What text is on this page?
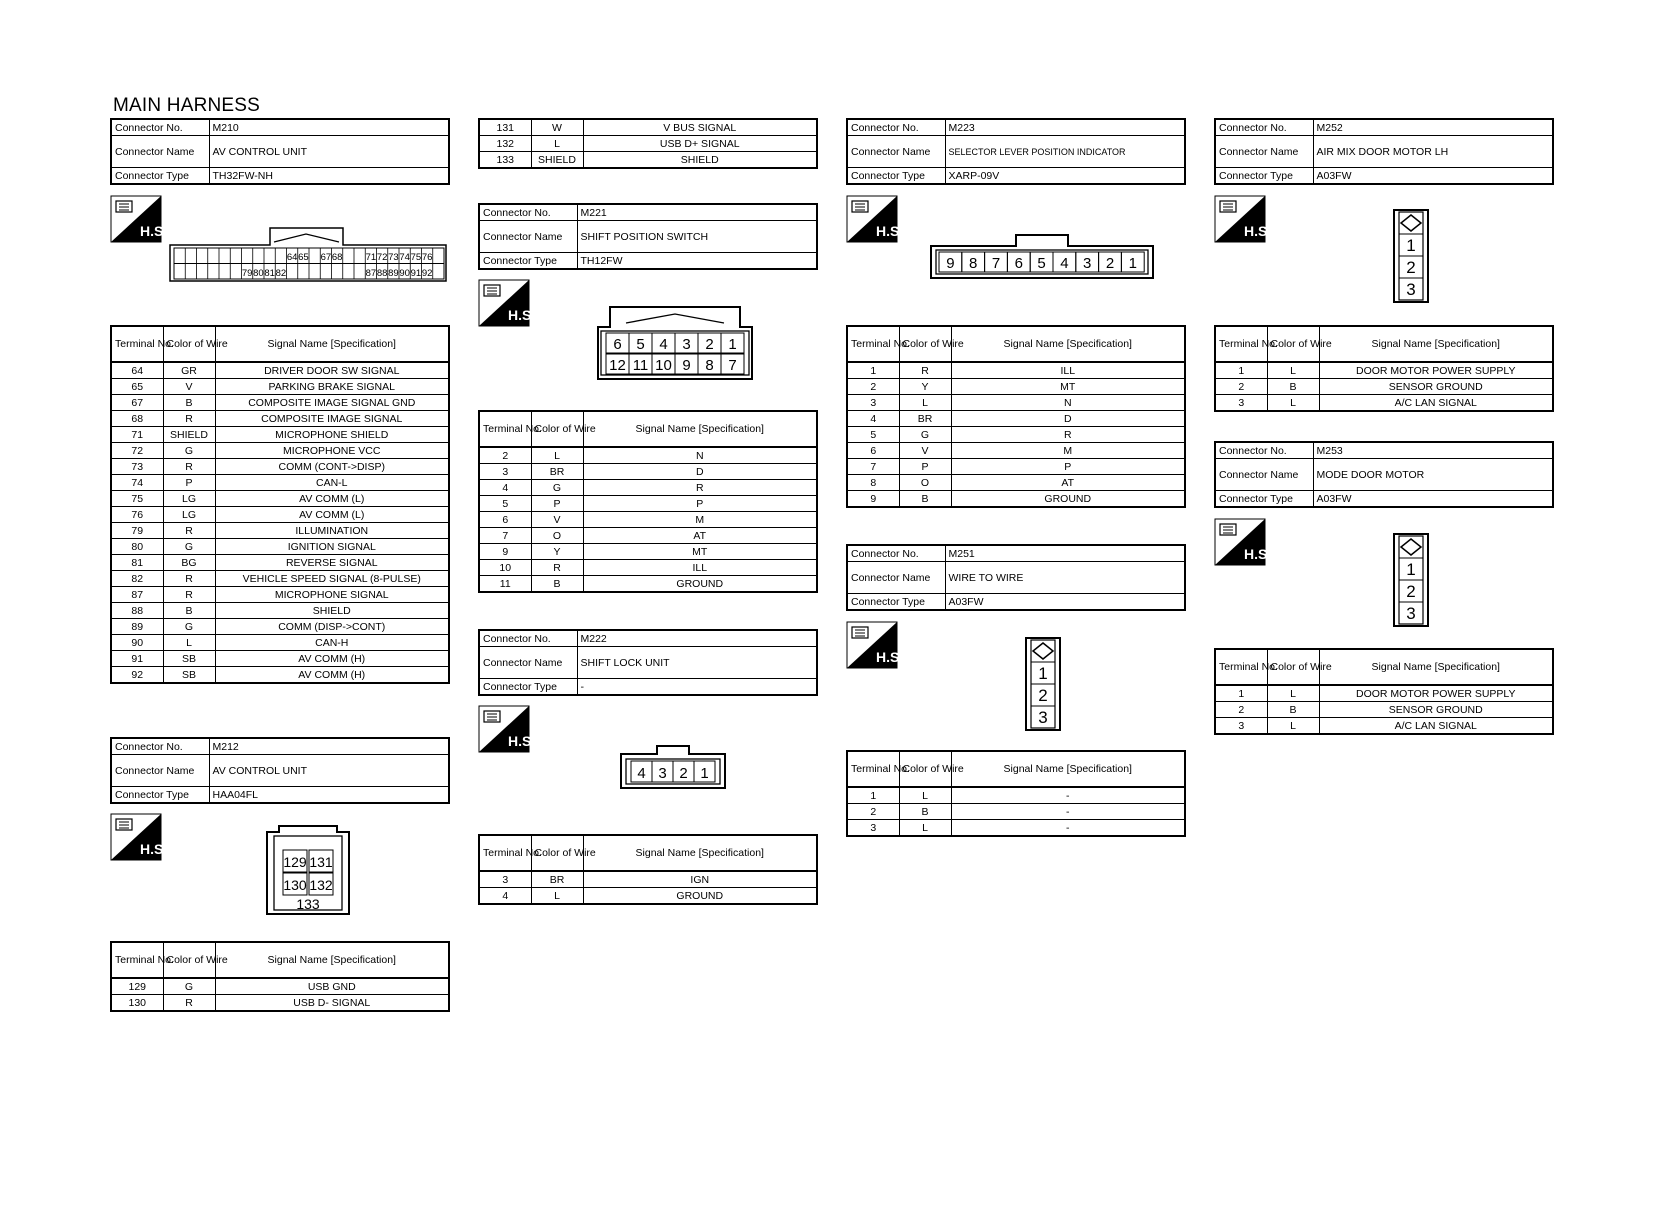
MAIN HARNESS
Connector No.	M210
Connector Name	AV CONTROL UNIT
Connector Type	TH32FW-NH
H.S.
79 80 81 82
64 65 67 68 71
87
72
88
73
89
74
90
75
91
76
92
Terminal No.	Color of Wire	Signal Name [Specification]
64	GR	DRIVER DOOR SW SIGNAL
65	V	PARKING BRAKE SIGNAL
67	B	COMPOSITE IMAGE SIGNAL GND
68	R	COMPOSITE IMAGE SIGNAL
71	SHIELD	MICROPHONE SHIELD
72	G	MICROPHONE VCC
73	R	COMM (CONT->DISP)
74	P	CAN-L
75	LG	AV COMM (L)
76	LG	AV COMM (L)
79	R	ILLUMINATION
80	G	IGNITION SIGNAL
81	BG	REVERSE SIGNAL
82	R	VEHICLE SPEED SIGNAL (8-PULSE)
87	R	MICROPHONE SIGNAL
88	B	SHIELD
89	G	COMM (DISP->CONT)
90	L	CAN-H
91	SB	AV COMM (H)
92	SB	AV COMM (H)
Connector No.	M212
Connector Name	AV CONTROL UNIT
Connector Type	HAA04FL
H.S.
129 131
130 132
133
Terminal No.	Color of Wire	Signal Name [Specification]
129	G	USB GND
130	R	USB D- SIGNAL
131	W	V BUS SIGNAL
132	L	USB D+ SIGNAL
133	SHIELD	SHIELD
Connector No.	M221
Connector Name	SHIFT POSITION SWITCH
Connector Type	TH12FW
H.S.
6
12
5
11
4
10
3
9
2
8
1
7
Terminal No.	Color of Wire	Signal Name [Specification]
2	L	N
3	BR	D
4	G	R
5	P	P
6	V	M
7	O	AT
9	Y	MT
10	R	ILL
11	B	GROUND
Connector No.	M222
Connector Name	SHIFT LOCK UNIT
Connector Type	-
H.S.
4 3 2 1
Terminal No.	Color of Wire	Signal Name [Specification]
3	BR	IGN
4	L	GROUND
Connector No.	M223
Connector Name	SELECTOR LEVER POSITION INDICATOR
Connector Type	XARP-09V
H.S.
9 8 7 6 5 4 3 2 1
Terminal No.	Color of Wire	Signal Name [Specification]
1	R	ILL
2	Y	MT
3	L	N
4	BR	D
5	G	R
6	V	M
7	P	P
8	O	AT
9	B	GROUND
Connector No.	M251
Connector Name	WIRE TO WIRE
Connector Type	A03FW
H.S.
1
2
3
Terminal No.	Color of Wire	Signal Name [Specification]
1	L	-
2	B	-
3	L	-
Connector No.	M252
Connector Name	AIR MIX DOOR MOTOR LH
Connector Type	A03FW
H.S.
1
2
3
Terminal No.	Color of Wire	Signal Name [Specification]
1	L	DOOR MOTOR POWER SUPPLY
2	B	SENSOR GROUND
3	L	A/C LAN SIGNAL
Connector No.	M253
Connector Name	MODE DOOR MOTOR
Connector Type	A03FW
H.S.
1
2
3
Terminal No.	Color of Wire	Signal Name [Specification]
1	L	DOOR MOTOR POWER SUPPLY
2	B	SENSOR GROUND
3	L	A/C LAN SIGNAL
